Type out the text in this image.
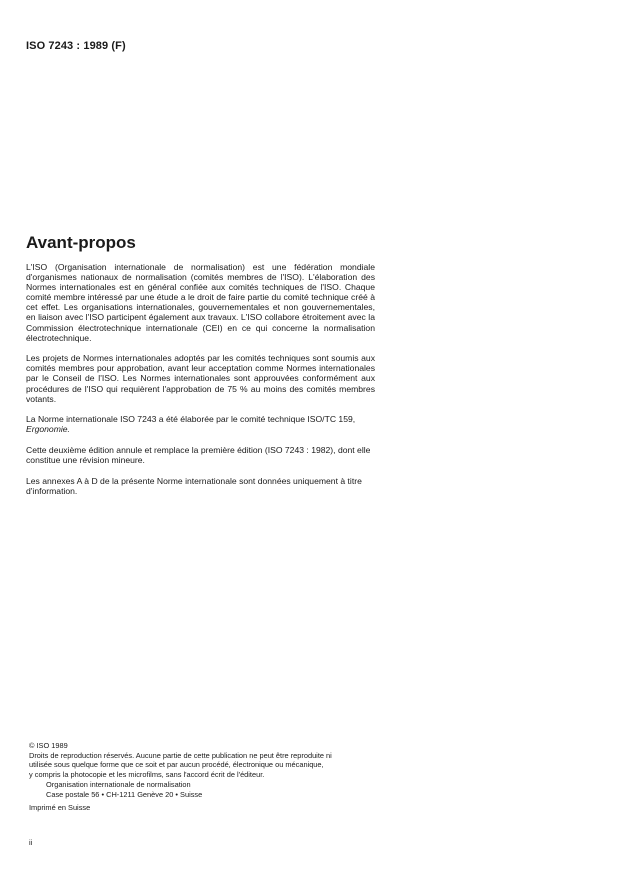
ISO 7243 : 1989 (F)
Avant-propos

L'ISO (Organisation internationale de normalisation) est une fédération mondiale d'organismes nationaux de normalisation (comités membres de l'ISO). L'élaboration des Normes internationales est en général confiée aux comités techniques de l'ISO. Chaque comité membre intéressé par une étude a le droit de faire partie du comité technique créé à cet effet. Les organisations internationales, gouvernementales et non gouvernementales, en liaison avec l'ISO participent également aux travaux. L'ISO collabore étroitement avec la Commission électrotechnique internationale (CEI) en ce qui concerne la normalisation électrotechnique.

Les projets de Normes internationales adoptés par les comités techniques sont soumis aux comités membres pour approbation, avant leur acceptation comme Normes internationales par le Conseil de l'ISO. Les Normes internationales sont approuvées conformément aux procédures de l'ISO qui requièrent l'approbation de 75 % au moins des comités membres votants.

La Norme internationale ISO 7243 a été élaborée par le comité technique ISO/TC 159,
Ergonomie.

Cette deuxième édition annule et remplace la première édition (ISO 7243 : 1982), dont elle constitue une révision mineure.

Les annexes A à D de la présente Norme internationale sont données uniquement à titre d'information.

© ISO 1989
Droits de reproduction réservés. Aucune partie de cette publication ne peut être reproduite ni
utilisée sous quelque forme que ce soit et par aucun procédé, électronique ou mécanique,
y compris la photocopie et les microfilms, sans l'accord écrit de l'éditeur.
Organisation internationale de normalisation
Case postale 56 • CH-1211 Genève 20 • Suisse
Imprimé en Suisse
ii
